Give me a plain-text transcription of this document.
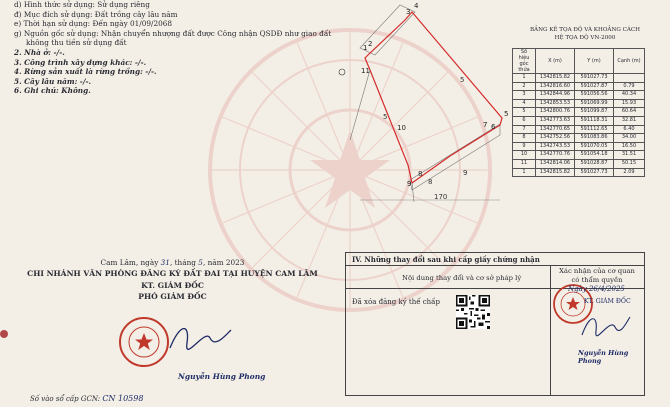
d) Hình thức sử dụng: Sử dụng riêng
đ) Mục đích sử dụng: Đất trồng cây lâu năm
e) Thời hạn sử dụng: Đến ngày 01/09/2068
g) Nguồn gốc sử dụng: Nhận chuyển nhượng đất được Công nhận QSDĐ như giao đất
không thu tiền sử dụng đất
2. Nhà ở: -/-.
3. Công trình xây dựng khác: -/-.
4. Rừng sản xuất là rừng trồng: -/-.
5. Cây lâu năm: -/-.
6. Ghi chú: Không.
1 2
3
4
5
6
7
8
9
10
11
5
5
9
8
170
BẢNG KÊ TỌA ĐỘ VÀ KHOẢNG CÁCH
HỆ TỌA ĐỘ VN-2000
Số hiệu góc thửa	X (m)	Y (m)	Cạnh (m)
1	1342815.82	591027.73	
2	1342816.60	591027.87	0.79
3	1342844.96	591056.56	40.34
4	1342853.53	591069.99	15.93
5	1342800.76	591099.87	60.64
6	1342773.63	591118.31	32.81
7	1342770.65	591112.65	6.40
8	1342752.56	591083.86	34.00
9	1342743.53	591070.05	16.50
10	1342770.76	591054.18	31.51
11	1342814.06	591028.87	50.15
1	1342815.82	591027.73	2.09
Cam Lâm, ngày 31, tháng 5, năm 2023
CHI NHÁNH VĂN PHÒNG ĐĂNG KÝ ĐẤT ĐAI TẠI HUYỆN CAM LÂM
KT. GIÁM ĐỐC
PHÓ GIÁM ĐỐC
Nguyễn Hùng Phong
IV. Những thay đổi sau khi cấp giấy chứng nhận
Nội dung thay đổi và cơ sở pháp lý
Xác nhận của cơ quan
có thẩm quyền
Đã xóa đăng ký thế chấp
Ngày 26/4/2025
KT. GIÁM ĐỐC
Nguyễn Hùng Phong
Số vào sổ cấp GCN: CN 10598
